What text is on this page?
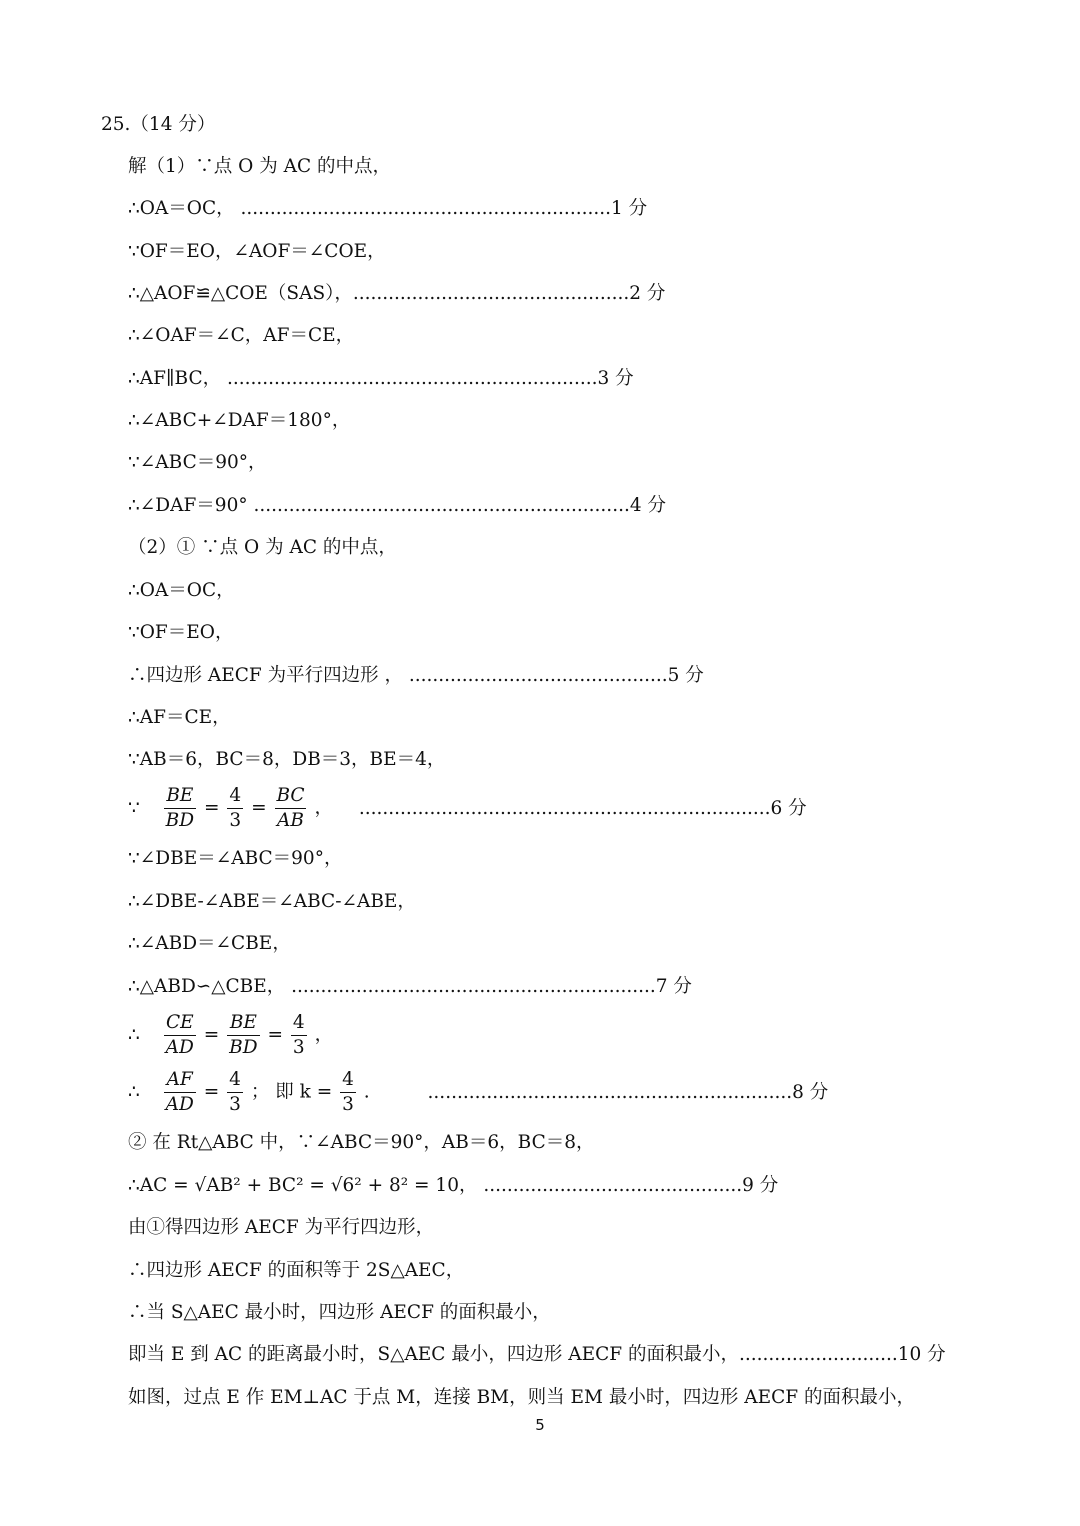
25.（14 分）
解（1）∵点 O 为 AC 的中点，
∴OA＝OC， ...............................................................1 分
∵OF＝EO，∠AOF＝∠COE，
∴△AOF≌△COE（SAS），...............................................2 分
∴∠OAF＝∠C，AF＝CE，
∴AF∥BC， ...............................................................3 分
∴∠ABC+∠DAF＝180°，
∵∠ABC＝90°，
∴∠DAF＝90° ................................................................4 分
（2）① ∵点 O 为 AC 的中点，
∴OA＝OC，
∵OF＝EO，
∴四边形 AECF 为平行四边形 ， ............................................5 分
∴AF＝CE，
∵AB＝6，BC＝8，DB＝3，BE＝4，
∵ $\frac{BE}{BD} = \frac{4}{3} = \frac{BC}{AB}$ ， ......................................................................6 分
∵∠DBE＝∠ABC＝90°，
∴∠DBE-∠ABE＝∠ABC-∠ABE，
∴∠ABD＝∠CBE，
∴△ABD∽△CBE， ..............................................................7 分
∴ $\frac{CE}{AD} = \frac{BE}{BD} = \frac{4}{3}$ ，
∴ $\frac{AF}{AD} = \frac{4}{3}$ ； 即 $k = \frac{4}{3}$ .	..............................................................8 分
② 在 Rt△ABC 中，∵∠ABC＝90°，AB＝6，BC＝8，
∴AC = √AB² + BC² = √6² + 8² = 10， ............................................9 分
由①得四边形 AECF 为平行四边形，
∴四边形 AECF 的面积等于 2S△AEC，
∴当 S△AEC 最小时，四边形 AECF 的面积最小，
即当 E 到 AC 的距离最小时，S△AEC 最小，四边形 AECF 的面积最小，...........................10 分
如图，过点 E 作 EM⊥AC 于点 M，连接 BM，则当 EM 最小时，四边形 AECF 的面积最小，
5
